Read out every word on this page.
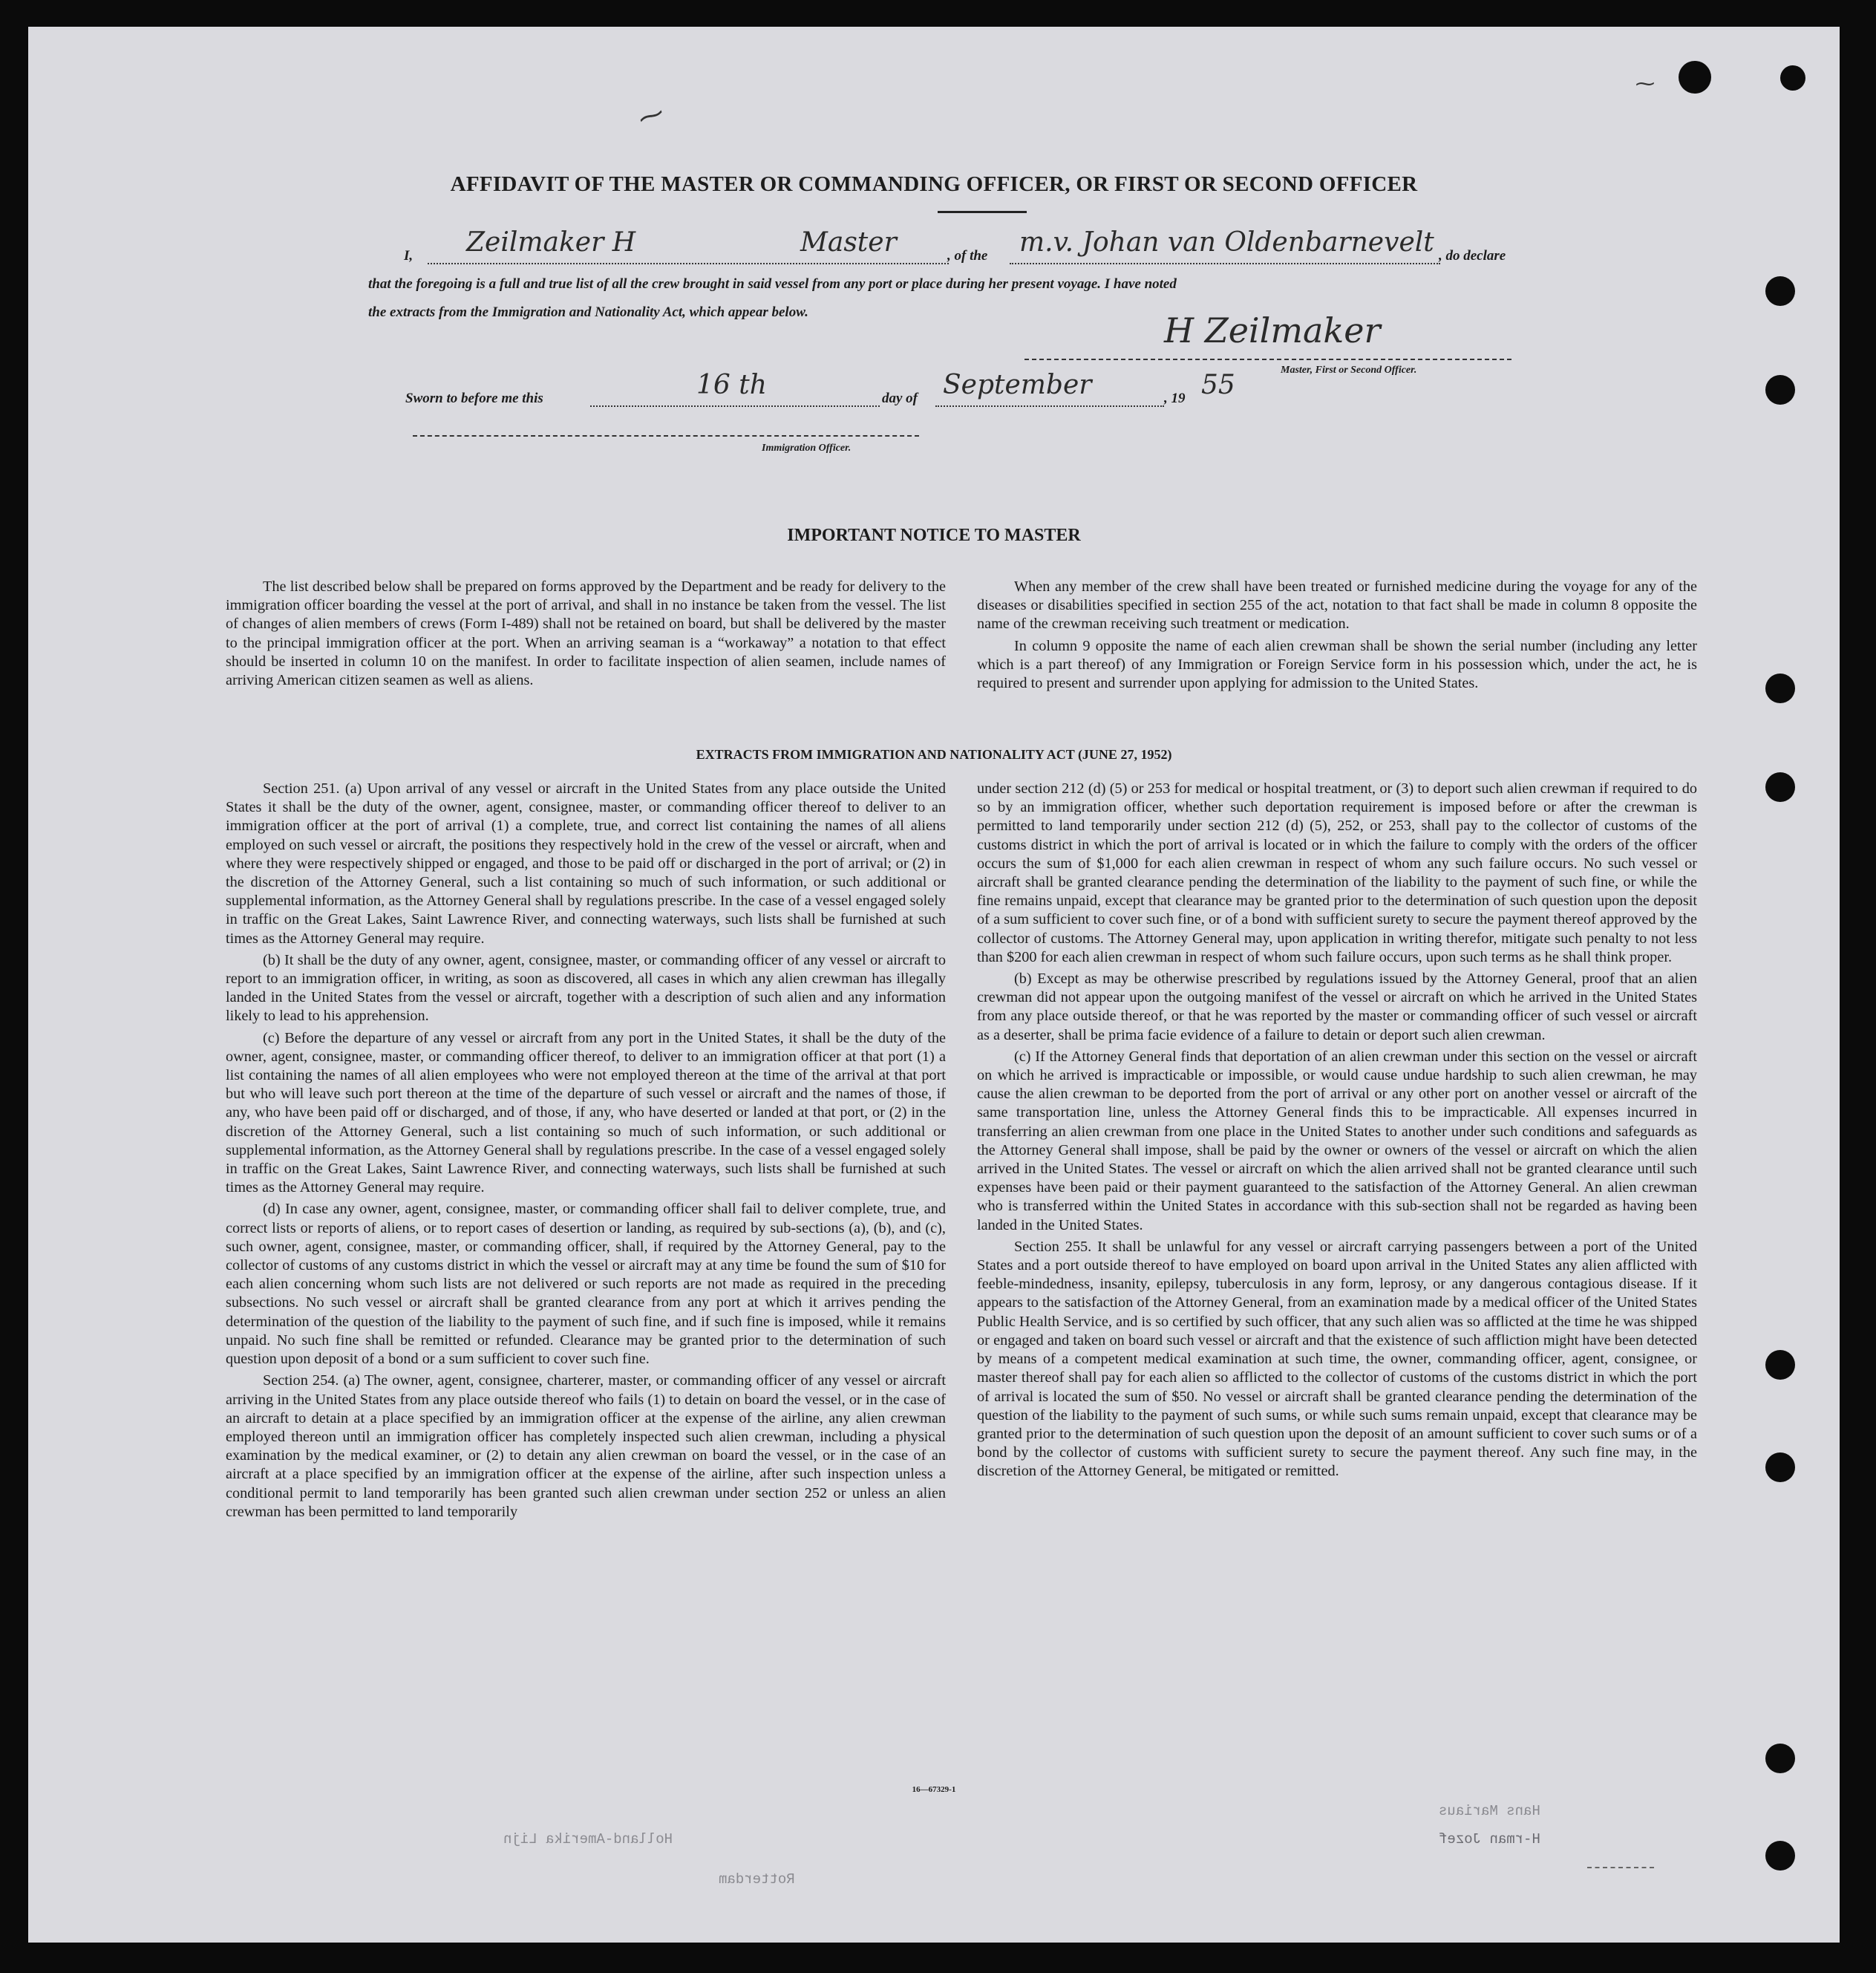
⁓
⁓
AFFIDAVIT OF THE MASTER OR COMMANDING OFFICER, OR FIRST OR SECOND OFFICER
I, Zeilmaker H	Master	, of the m.v. Johan van Oldenbarnevelt , do declare
that the foregoing is a full and true list of all the crew brought in said vessel from any port or place during her present voyage. I have noted
the extracts from the Immigration and Nationality Act, which appear below.	H Zeilmaker
Master, First or Second Officer.
Sworn to before me this	16 th	day of September	, 19 55
Immigration Officer.
IMPORTANT NOTICE TO MASTER

The list described below shall be prepared on forms approved by the Department and be ready for delivery to the immigration officer boarding the vessel at the port of arrival, and shall in no instance be taken from the vessel. The list of changes of alien members of crews (Form I-489) shall not be retained on board, but shall be delivered by the master to the principal immigration officer at the port. When an arriving seaman is a “workaway” a notation to that effect should be inserted in column 10 on the manifest. In order to facilitate inspection of alien seamen, include names of arriving American citizen seamen as well as aliens.

When any member of the crew shall have been treated or furnished medicine during the voyage for any of the diseases or disabilities specified in section 255 of the act, notation to that fact shall be made in column 8 opposite the name of the crewman receiving such treatment or medication.

In column 9 opposite the name of each alien crewman shall be shown the serial number (including any letter which is a part thereof) of any Immigration or Foreign Service form in his possession which, under the act, he is required to present and surrender upon applying for admission to the United States.

EXTRACTS FROM IMMIGRATION AND NATIONALITY ACT (JUNE 27, 1952)

Section 251. (a) Upon arrival of any vessel or aircraft in the United States from any place outside the United States it shall be the duty of the owner, agent, consignee, master, or commanding officer thereof to deliver to an immigration officer at the port of arrival (1) a complete, true, and correct list containing the names of all aliens employed on such vessel or aircraft, the positions they respectively hold in the crew of the vessel or aircraft, when and where they were respectively shipped or engaged, and those to be paid off or discharged in the port of arrival; or (2) in the discretion of the Attorney General, such a list containing so much of such information, or such additional or supplemental information, as the Attorney General shall by regulations prescribe. In the case of a vessel engaged solely in traffic on the Great Lakes, Saint Lawrence River, and connecting waterways, such lists shall be furnished at such times as the Attorney General may require.

(b) It shall be the duty of any owner, agent, consignee, master, or commanding officer of any vessel or aircraft to report to an immigration officer, in writing, as soon as discovered, all cases in which any alien crewman has illegally landed in the United States from the vessel or aircraft, together with a description of such alien and any information likely to lead to his apprehension.

(c) Before the departure of any vessel or aircraft from any port in the United States, it shall be the duty of the owner, agent, consignee, master, or commanding officer thereof, to deliver to an immigration officer at that port (1) a list containing the names of all alien employees who were not employed thereon at the time of the arrival at that port but who will leave such port thereon at the time of the departure of such vessel or aircraft and the names of those, if any, who have been paid off or discharged, and of those, if any, who have deserted or landed at that port, or (2) in the discretion of the Attorney General, such a list containing so much of such information, or such additional or supplemental information, as the Attorney General shall by regulations prescribe. In the case of a vessel engaged solely in traffic on the Great Lakes, Saint Lawrence River, and connecting waterways, such lists shall be furnished at such times as the Attorney General may require.

(d) In case any owner, agent, consignee, master, or commanding officer shall fail to deliver complete, true, and correct lists or reports of aliens, or to report cases of desertion or landing, as required by sub-sections (a), (b), and (c), such owner, agent, consignee, master, or commanding officer, shall, if required by the Attorney General, pay to the collector of customs of any customs district in which the vessel or aircraft may at any time be found the sum of $10 for each alien concerning whom such lists are not delivered or such reports are not made as required in the preceding subsections. No such vessel or aircraft shall be granted clearance from any port at which it arrives pending the determination of the question of the liability to the payment of such fine, and if such fine is imposed, while it remains unpaid. No such fine shall be remitted or refunded. Clearance may be granted prior to the determination of such question upon deposit of a bond or a sum sufficient to cover such fine.

Section 254. (a) The owner, agent, consignee, charterer, master, or commanding officer of any vessel or aircraft arriving in the United States from any place outside thereof who fails (1) to detain on board the vessel, or in the case of an aircraft to detain at a place specified by an immigration officer at the expense of the airline, any alien crewman employed thereon until an immigration officer has completely inspected such alien crewman, including a physical examination by the medical examiner, or (2) to detain any alien crewman on board the vessel, or in the case of an aircraft at a place specified by an immigration officer at the expense of the airline, after such inspection unless a conditional permit to land temporarily has been granted such alien crewman under section 252 or unless an alien crewman has been permitted to land temporarily

under section 212 (d) (5) or 253 for medical or hospital treatment, or (3) to deport such alien crewman if required to do so by an immigration officer, whether such deportation requirement is imposed before or after the crewman is permitted to land temporarily under section 212 (d) (5), 252, or 253, shall pay to the collector of customs of the customs district in which the port of arrival is located or in which the failure to comply with the orders of the officer occurs the sum of $1,000 for each alien crewman in respect of whom any such failure occurs. No such vessel or aircraft shall be granted clearance pending the determination of the liability to the payment of such fine, or while the fine remains unpaid, except that clearance may be granted prior to the determination of such question upon the deposit of a sum sufficient to cover such fine, or of a bond with sufficient surety to secure the payment thereof approved by the collector of customs. The Attorney General may, upon application in writing therefor, mitigate such penalty to not less than $200 for each alien crewman in respect of whom such failure occurs, upon such terms as he shall think proper.

(b) Except as may be otherwise prescribed by regulations issued by the Attorney General, proof that an alien crewman did not appear upon the outgoing manifest of the vessel or aircraft on which he arrived in the United States from any place outside thereof, or that he was reported by the master or commanding officer of such vessel or aircraft as a deserter, shall be prima facie evidence of a failure to detain or deport such alien crewman.

(c) If the Attorney General finds that deportation of an alien crewman under this section on the vessel or aircraft on which he arrived is impracticable or impossible, or would cause undue hardship to such alien crewman, he may cause the alien crewman to be deported from the port of arrival or any other port on another vessel or aircraft of the same transportation line, unless the Attorney General finds this to be impracticable. All expenses incurred in transferring an alien crewman from one place in the United States to another under such conditions and safeguards as the Attorney General shall impose, shall be paid by the owner or owners of the vessel or aircraft on which the alien arrived in the United States. The vessel or aircraft on which the alien arrived shall not be granted clearance until such expenses have been paid or their payment guaranteed to the satisfaction of the Attorney General. An alien crewman who is transferred within the United States in accordance with this sub-section shall not be regarded as having been landed in the United States.

Section 255. It shall be unlawful for any vessel or aircraft carrying passengers between a port of the United States and a port outside thereof to have employed on board upon arrival in the United States any alien afflicted with feeble-mindedness, insanity, epilepsy, tuberculosis in any form, leprosy, or any dangerous contagious disease. If it appears to the satisfaction of the Attorney General, from an examination made by a medical officer of the United States Public Health Service, and is so certified by such officer, that any such alien was so afflicted at the time he was shipped or engaged and taken on board such vessel or aircraft and that the existence of such affliction might have been detected by means of a competent medical examination at such time, the owner, commanding officer, agent, consignee, or master thereof shall pay for each alien so afflicted to the collector of customs of the customs district in which the port of arrival is located the sum of $50. No vessel or aircraft shall be granted clearance pending the determination of the question of the liability to the payment of such sums, or while such sums remain unpaid, except that clearance may be granted prior to the determination of such question upon the deposit of an amount sufficient to cover such sums or of a bond by the collector of customs with sufficient surety to secure the payment thereof. Any such fine may, in the discretion of the Attorney General, be mitigated or remitted.

16—67329-1
Hans Mariaus
H-rman Jozef
Holland-Amerika Lijn
Rotterdam
